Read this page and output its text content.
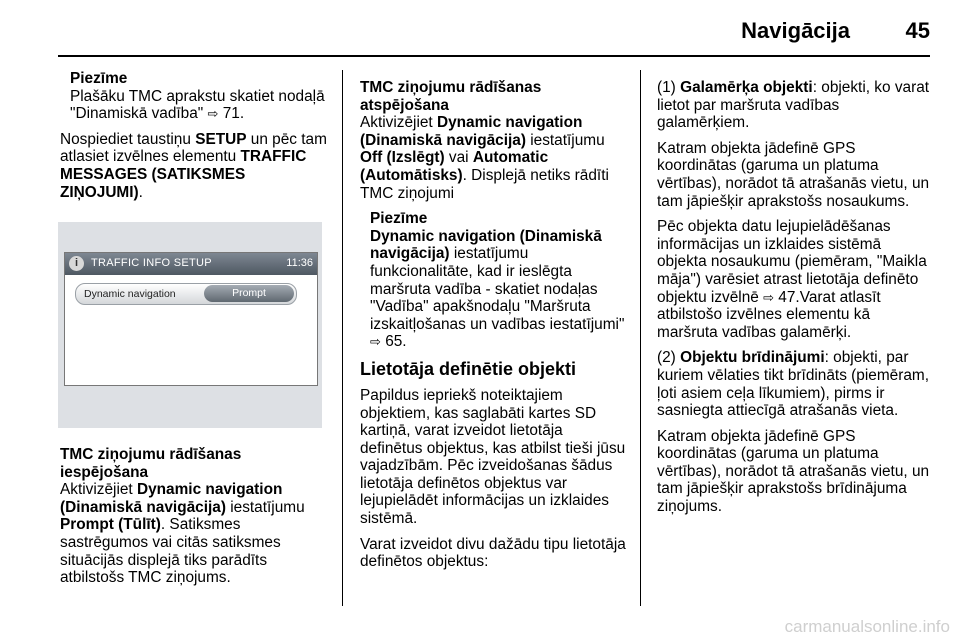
Navigācija	45

Piezīme
Plašāku TMC aprakstu skatiet nodaļā "Dinamiskā vadība" ⇨ 71.

Nospiediet taustiņu SETUP un pēc tam atlasiet izvēlnes elementu TRAFFIC MESSAGES (SATIKSMES ZIŅOJUMI).

i	TRAFFIC INFO SETUP	11:36
Dynamic navigation	Prompt

TMC ziņojumu rādīšanas iespējošana

Aktivizējiet Dynamic navigation (Dinamiskā navigācija) iestatījumu Prompt (Tūlīt). Satiksmes sastrēgumos vai citās satiksmes situācijās displejā tiks parādīts atbilstošs TMC ziņojums.

TMC ziņojumu rādīšanas atspējošana

Aktivizējiet Dynamic navigation (Dinamiskā navigācija) iestatījumu Off (Izslēgt) vai Automatic (Automātisks). Displejā netiks rādīti TMC ziņojumi

Piezīme
Dynamic navigation (Dinamiskā navigācija) iestatījumu funkcionalitāte, kad ir ieslēgta maršruta vadība - skatiet nodaļas "Vadība" apakšnodaļu "Maršruta izskaitļošanas un vadības iestatījumi" ⇨ 65.

Lietotāja definētie objekti

Papildus iepriekš noteiktajiem objektiem, kas saglabāti kartes SD kartiņā, varat izveidot lietotāja definētus objektus, kas atbilst tieši jūsu vajadzībām. Pēc izveidošanas šādus lietotāja definētos objektus var lejupielādēt informācijas un izklaides sistēmā.

Varat izveidot divu dažādu tipu lietotāja definētos objektus:

(1) Galamērķa objekti: objekti, ko varat lietot par maršruta vadības galamērķiem.

Katram objekta jādefinē GPS koordinātas (garuma un platuma vērtības), norādot tā atrašanās vietu, un tam jāpiešķir aprakstošs nosaukums.

Pēc objekta datu lejupielādēšanas informācijas un izklaides sistēmā objekta nosaukumu (piemēram, "Maikla māja") varēsiet atrast lietotāja definēto objektu izvēlnē ⇨ 47.Varat atlasīt atbilstošo izvēlnes elementu kā maršruta vadības galamērķi.

(2) Objektu brīdinājumi: objekti, par kuriem vēlaties tikt brīdināts (piemēram, ļoti asiem ceļa līkumiem), pirms ir sasniegta attiecīgā atrašanās vieta.

Katram objekta jādefinē GPS koordinātas (garuma un platuma vērtības), norādot tā atrašanās vietu, un tam jāpiešķir aprakstošs brīdinājuma ziņojums.

carmanualsonline.info
